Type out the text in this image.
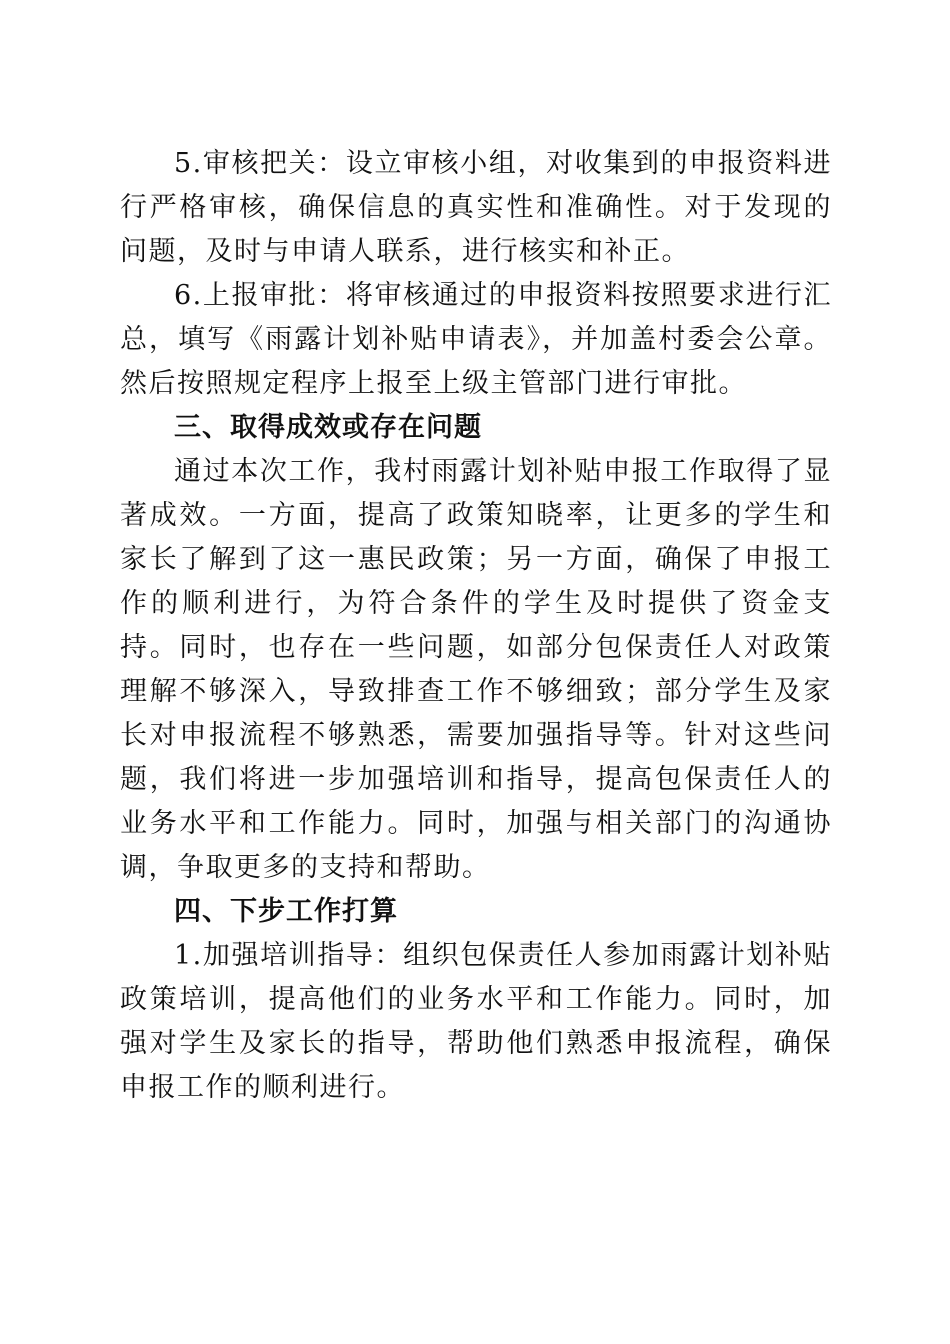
5.审核把关：设立审核小组，对收集到的申报资料进行严格审核，确保信息的真实性和准确性。对于发现的问题，及时与申请人联系，进行核实和补正。

6.上报审批：将审核通过的申报资料按照要求进行汇总，填写《雨露计划补贴申请表》，并加盖村委会公章。然后按照规定程序上报至上级主管部门进行审批。

三、取得成效或存在问题

通过本次工作，我村雨露计划补贴申报工作取得了显著成效。一方面，提高了政策知晓率，让更多的学生和家长了解到了这一惠民政策；另一方面，确保了申报工作的顺利进行，为符合条件的学生及时提供了资金支持。同时，也存在一些问题，如部分包保责任人对政策理解不够深入，导致排查工作不够细致；部分学生及家长对申报流程不够熟悉，需要加强指导等。针对这些问题，我们将进一步加强培训和指导，提高包保责任人的业务水平和工作能力。同时，加强与相关部门的沟通协调，争取更多的支持和帮助。

四、下步工作打算

1.加强培训指导：组织包保责任人参加雨露计划补贴政策培训，提高他们的业务水平和工作能力。同时，加强对学生及家长的指导，帮助他们熟悉申报流程，确保申报工作的顺利进行。
